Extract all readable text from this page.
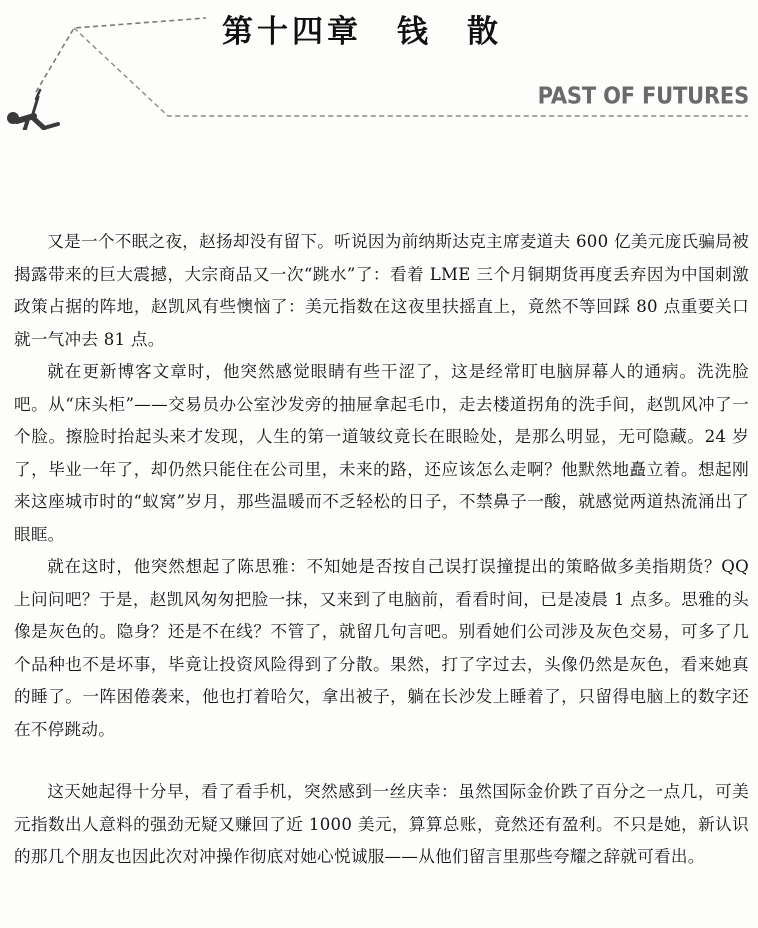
第十四章　钱　散
PAST OF FUTURES

又是一个不眠之夜，赵扬却没有留下。听说因为前纳斯达克主席麦道夫 600 亿美元庞氏骗局被揭露带来的巨大震撼，大宗商品又一次“跳水”了：看着 LME 三个月铜期货再度丢弃因为中国刺激政策占据的阵地，赵凯风有些懊恼了：美元指数在这夜里扶摇直上，竟然不等回踩 80 点重要关口就一气冲去 81 点。

就在更新博客文章时，他突然感觉眼睛有些干涩了，这是经常盯电脑屏幕人的通病。洗洗脸吧。从“床头柜”——交易员办公室沙发旁的抽屉拿起毛巾，走去楼道拐角的洗手间，赵凯风冲了一个脸。擦脸时抬起头来才发现，人生的第一道皱纹竟长在眼睑处，是那么明显，无可隐藏。24 岁了，毕业一年了，却仍然只能住在公司里，未来的路，还应该怎么走啊？他默然地矗立着。想起刚来这座城市时的“蚁窝”岁月，那些温暖而不乏轻松的日子，不禁鼻子一酸，就感觉两道热流涌出了眼眶。

就在这时，他突然想起了陈思雅：不知她是否按自己误打误撞提出的策略做多美指期货？QQ 上问问吧？于是，赵凯风匆匆把脸一抹，又来到了电脑前，看看时间，已是凌晨 1 点多。思雅的头像是灰色的。隐身？还是不在线？不管了，就留几句言吧。别看她们公司涉及灰色交易，可多了几个品种也不是坏事，毕竟让投资风险得到了分散。果然，打了字过去，头像仍然是灰色，看来她真的睡了。一阵困倦袭来，他也打着哈欠，拿出被子，躺在长沙发上睡着了，只留得电脑上的数字还在不停跳动。

这天她起得十分早，看了看手机，突然感到一丝庆幸：虽然国际金价跌了百分之一点几，可美元指数出人意料的强劲无疑又赚回了近 1000 美元，算算总账，竟然还有盈利。不只是她，新认识的那几个朋友也因此次对冲操作彻底对她心悦诚服——从他们留言里那些夸耀之辞就可看出。
